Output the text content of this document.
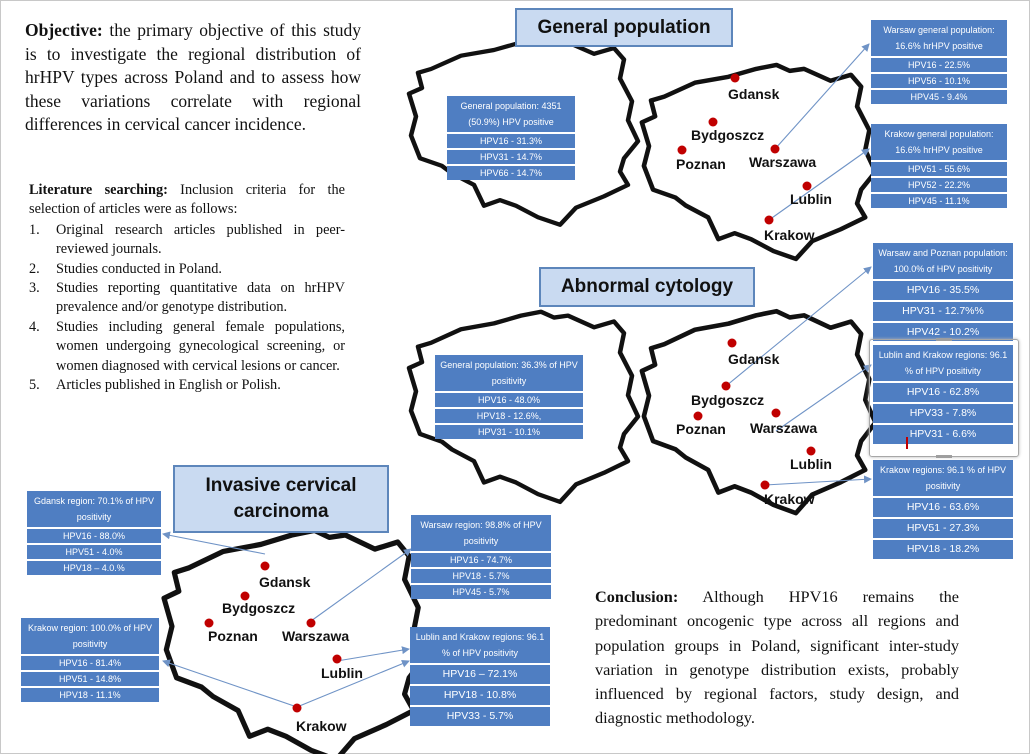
Objective: the primary objective of this study is to investigate the regional distribution of hrHPV types across Poland and to assess how these variations correlate with regional differences in cervical cancer incidence.
Literature searching: Inclusion criteria for the selection of articles were as follows:
1. Original research articles published in peer-reviewed journals.
2. Studies conducted in Poland.
3. Studies reporting quantitative data on hrHPV prevalence and/or genotype distribution.
4. Studies including general female populations, women undergoing gynecological screening, or women diagnosed with cervical lesions or cancer.
5. Articles published in English or Polish.
Conclusion: Although HPV16 remains the predominant oncogenic type across all regions and population groups in Poland, significant inter-study variation in genotype distribution exists, probably influenced by regional factors, study design, and diagnostic methodology.
General population
Abnormal cytology
Invasive cervical
carcinoma
Gdansk
Bydgoszcz
Poznan Warszawa
Lublin
Krakow
Gdansk
Bydgoszcz
Poznan Warszawa
Lublin
Krakow
Gdansk
Bydgoszcz
Poznan Warszawa
Lublin
Krakow
General population: 4351 (50.9%) HPV positive
HPV16 - 31.3%
HPV31 - 14.7%
HPV66 - 14.7%
Warsaw general population: 16.6% hrHPV positive
HPV16 - 22.5%
HPV56 - 10.1%
HPV45 - 9.4%
Krakow general population: 16.6% hrHPV positive
HPV51 - 55.6%
HPV52 - 22.2%
HPV45 - 11.1%
General population: 36.3% of HPV positivity
HPV16 - 48.0%
HPV18 - 12.6%,
HPV31 - 10.1%
Warsaw and Poznan population: 100.0% of HPV positivity
HPV16 - 35.5%
HPV31 - 12.7%%
HPV42 - 10.2%
Lublin and Krakow regions: 96.1 % of HPV positivity
HPV16 - 62.8%
HPV33 - 7.8%
HPV31 - 6.6%
Krakow regions: 96.1 % of HPV positivity
HPV16 - 63.6%
HPV51 - 27.3%
HPV18 - 18.2%
Gdansk region: 70.1% of HPV positivity
HPV16 - 88.0%
HPV51 - 4.0%
HPV18 – 4.0.%
Krakow region: 100.0% of HPV positivity
HPV16 - 81.4%
HPV51 - 14.8%
HPV18 - 11.1%
Warsaw region: 98.8% of HPV positivity
HPV16 - 74.7%
HPV18 - 5.7%
HPV45 - 5.7%
Lublin and Krakow regions: 96.1 % of HPV positivity
HPV16 – 72.1%
HPV18 - 10.8%
HPV33 - 5.7%
